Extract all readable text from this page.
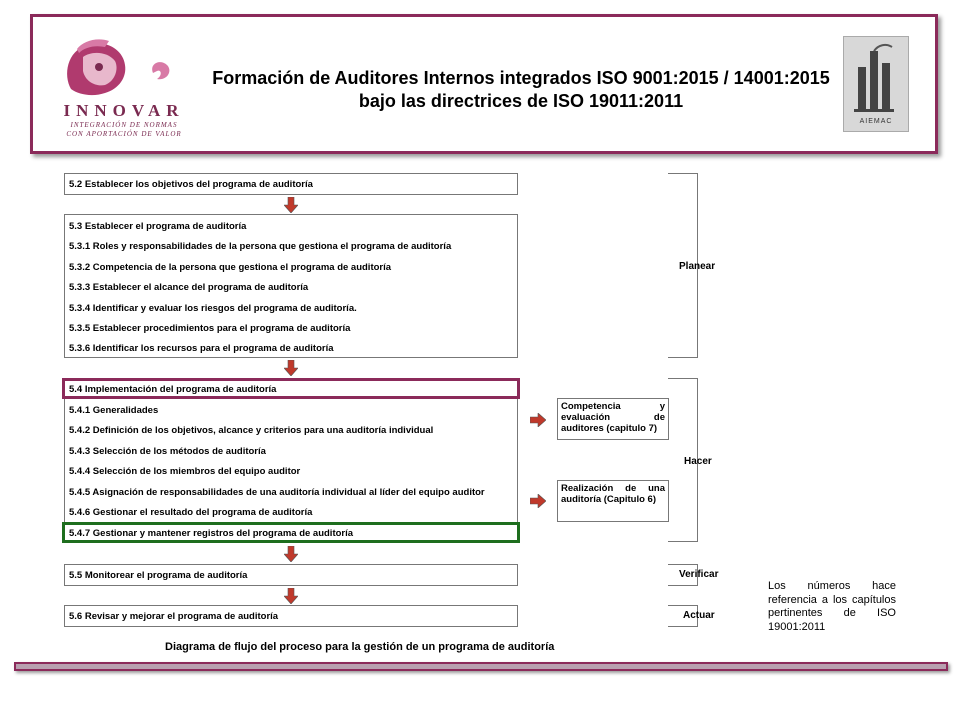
INNOVAR
INTEGRACIÓN DE NORMAS
CON APORTACIÓN DE VALOR
Formación de Auditores Internos integrados ISO 9001:2015 / 14001:2015 bajo las directrices de ISO 19011:2011
AIEMAC
5.2 Establecer los objetivos del programa de auditoría
5.3 Establecer el programa de auditoría
5.3.1 Roles y responsabilidades de la persona que gestiona el programa de auditoría
5.3.2 Competencia de la persona que gestiona el programa de auditoría
5.3.3 Establecer el alcance del programa de auditoría
5.3.4 Identificar y evaluar los riesgos del programa de auditoría.
5.3.5 Establecer procedimientos para el programa de auditoría
5.3.6 Identificar los recursos para el programa de auditoría
5.4 Implementación del programa de auditoría
5.4.1 Generalidades
5.4.2 Definición de los objetivos, alcance y criterios para una auditoría individual
5.4.3 Selección de los métodos de auditoría
5.4.4 Selección de los miembros del equipo auditor
5.4.5 Asignación de responsabilidades de una auditoría individual al líder del equipo auditor
5.4.6 Gestionar el resultado del programa de auditoría
5.4.7 Gestionar y mantener registros del programa de auditoría
5.5 Monitorear el programa de auditoría
5.6 Revisar y mejorar el programa de auditoría
Competencia y
evaluación de
auditores (capitulo 7)
Realización de una
auditoría (Capitulo 6)
Planear
Hacer
Verificar
Actuar
Los números hace referencia a los capítulos pertinentes de ISO 19001:2011
Diagrama de flujo del proceso para la gestión de un programa de auditoría
